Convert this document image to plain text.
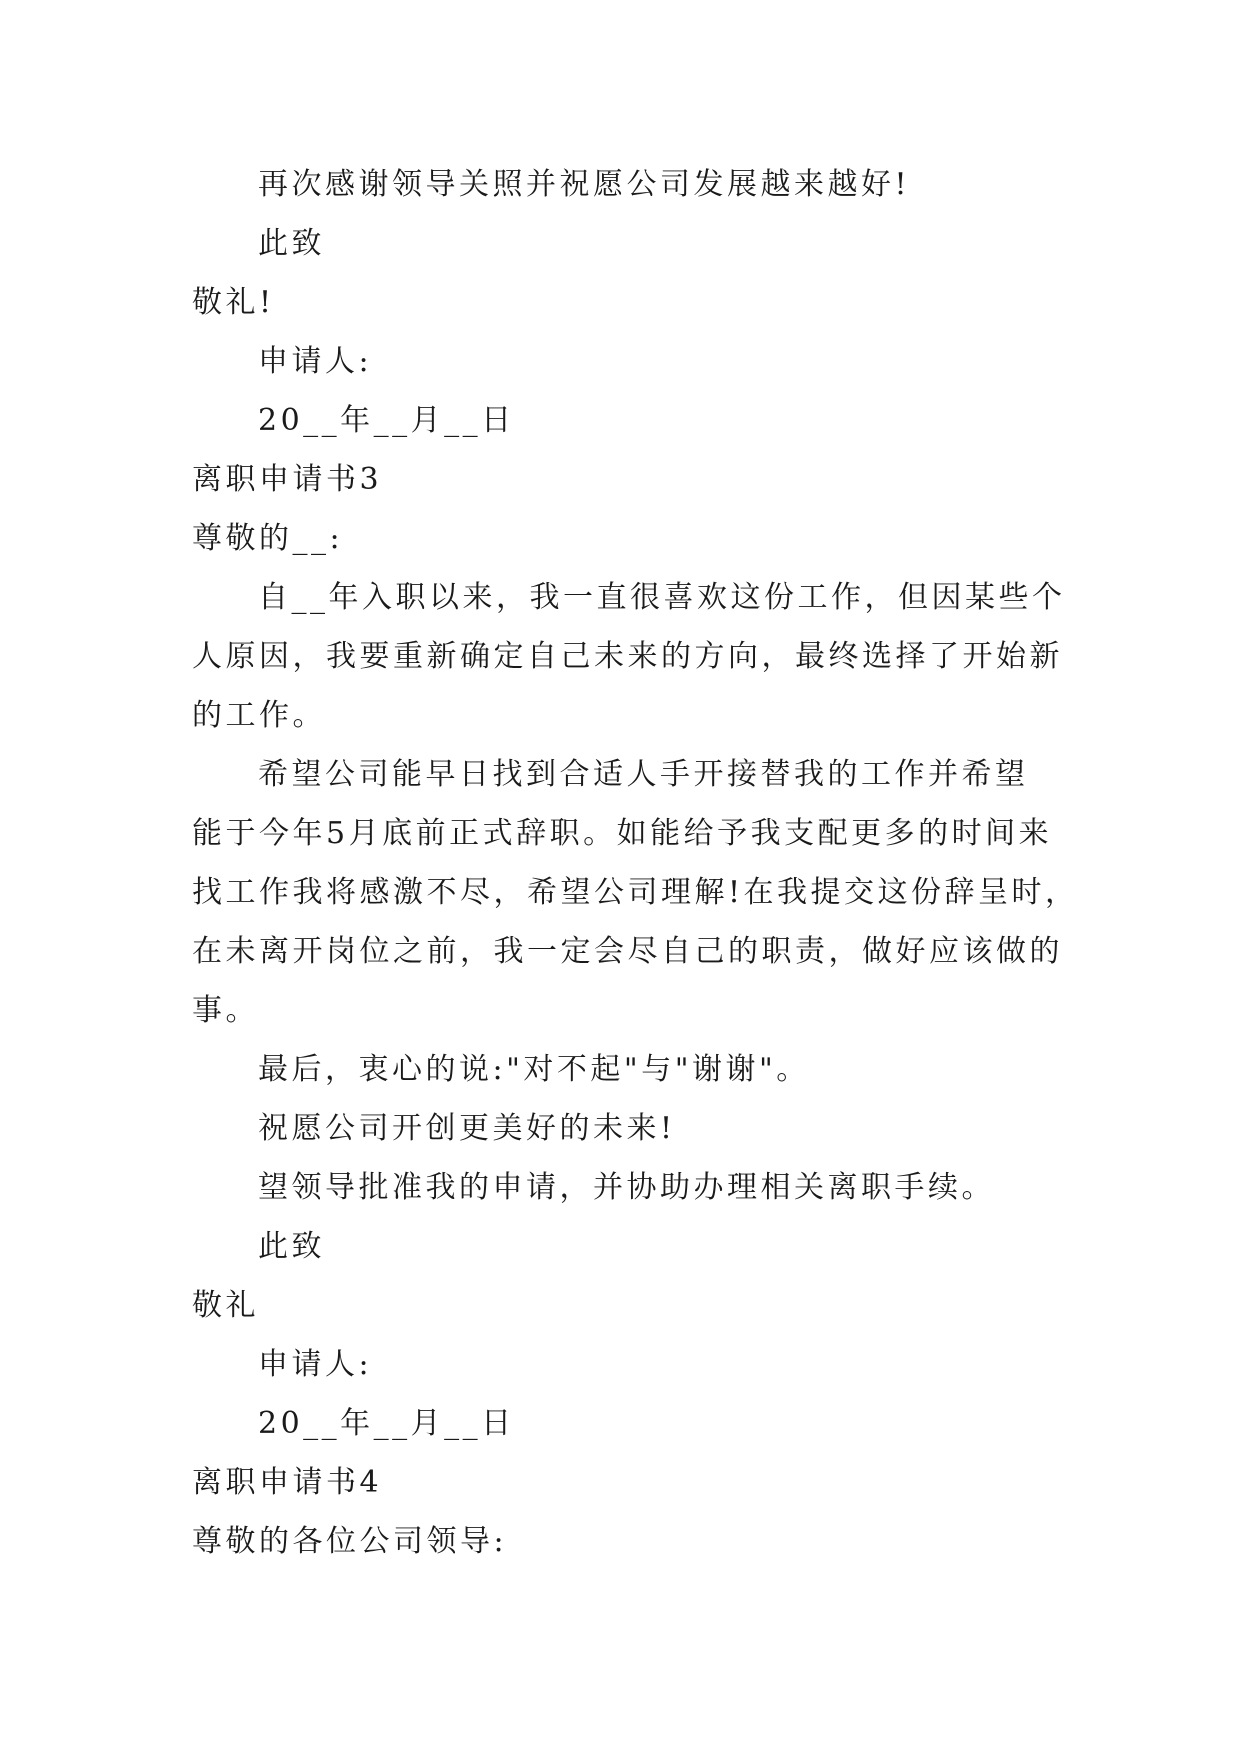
再次感谢领导关照并祝愿公司发展越来越好!
此致
敬礼!
申请人:
20__年__月__日
离职申请书3
尊敬的__:
自__年入职以来，我一直很喜欢这份工作，但因某些个
人原因，我要重新确定自己未来的方向，最终选择了开始新
的工作。
希望公司能早日找到合适人手开接替我的工作并希望
能于今年5月底前正式辞职。如能给予我支配更多的时间来
找工作我将感激不尽，希望公司理解!在我提交这份辞呈时，
在未离开岗位之前，我一定会尽自己的职责，做好应该做的
事。
最后，衷心的说:"对不起"与"谢谢"。
祝愿公司开创更美好的未来!
望领导批准我的申请，并协助办理相关离职手续。
此致
敬礼
申请人:
20__年__月__日
离职申请书4
尊敬的各位公司领导:
